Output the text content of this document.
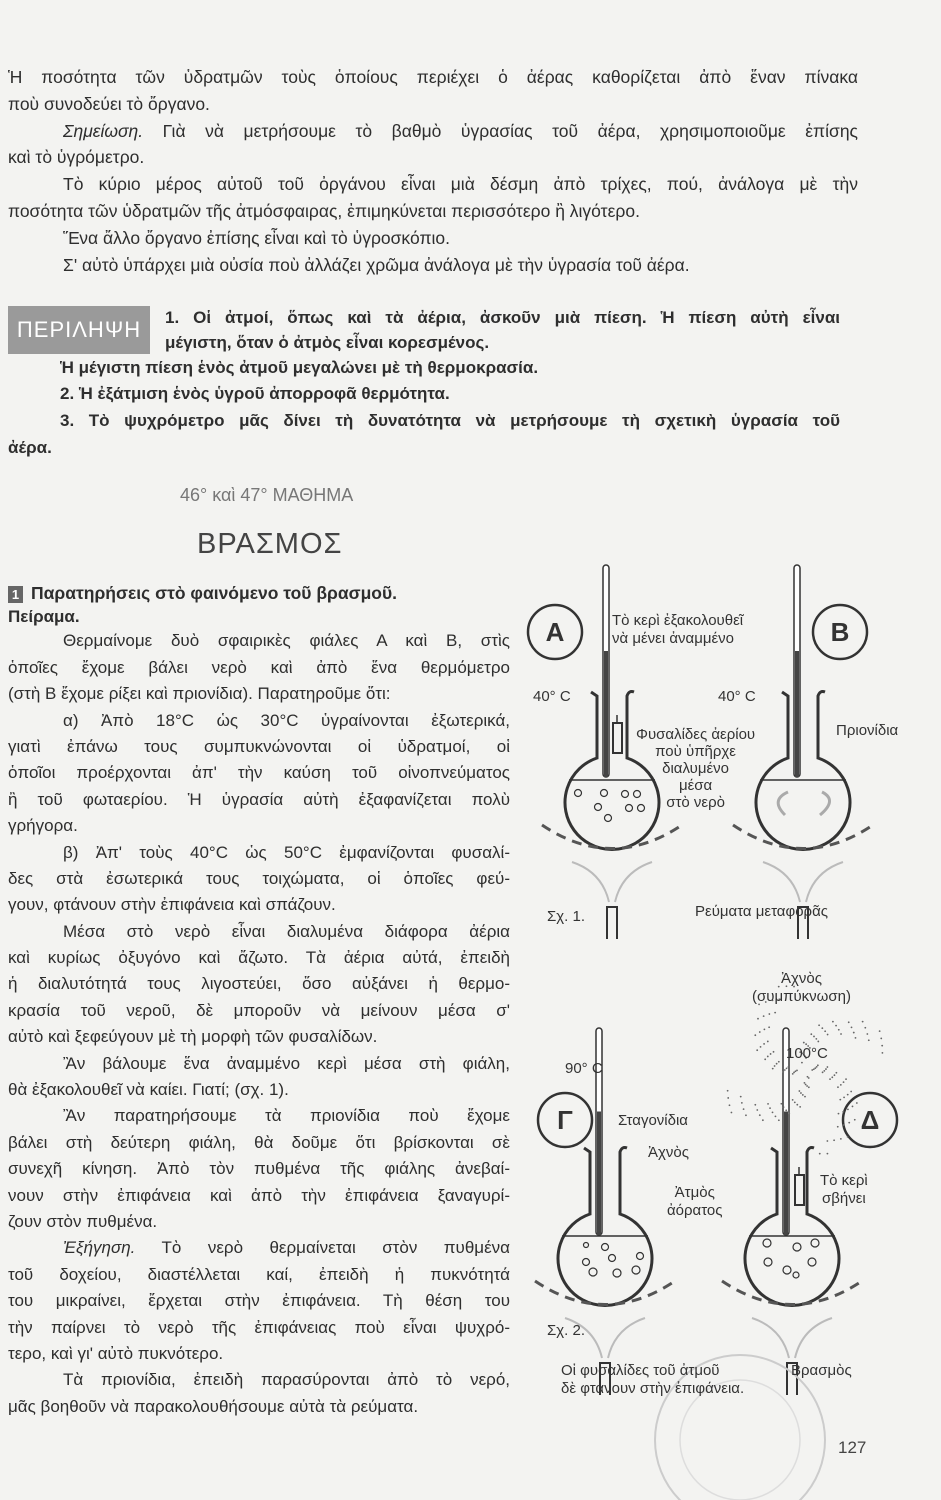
Ἡ ποσότητα τῶν ὑδρατμῶν τοὺς ὁποίους περιέχει ὁ ἀέρας καθορίζεται ἀπὸ ἕναν πίνακα
ποὺ συνοδεύει τὸ ὄργανο.
Σημείωση. Γιὰ νὰ μετρήσουμε τὸ βαθμὸ ὑγρασίας τοῦ ἀέρα, χρησιμοποιοῦμε ἐπίσης
καὶ τὸ ὑγρόμετρο.
Τὸ κύριο μέρος αὐτοῦ τοῦ ὀργάνου εἶναι μιὰ δέσμη ἀπὸ τρίχες, πού, ἀνάλογα μὲ τὴν
ποσότητα τῶν ὑδρατμῶν τῆς ἀτμόσφαιρας, ἐπιμηκύνεται περισσότερο ἢ λιγότερο.
Ἕνα ἄλλο ὄργανο ἐπίσης εἶναι καὶ τὸ ὑγροσκόπιο.
Σ' αὐτὸ ὑπάρχει μιὰ οὐσία ποὺ ἀλλάζει χρῶμα ἀνάλογα μὲ τὴν ὑγρασία τοῦ ἀέρα.
ΠΕΡΙΛΗΨΗ	1. Οἱ ἀτμοί, ὅπως καὶ τὰ ἀέρια, ἀσκοῦν μιὰ πίεση. Ἡ πίεση αὐτὴ εἶναι
μέγιστη, ὅταν ὁ ἀτμὸς εἶναι κορεσμένος.
Ἡ μέγιστη πίεση ἑνὸς ἀτμοῦ μεγαλώνει μὲ τὴ θερμοκρασία.
2. Ἡ ἐξάτμιση ἑνὸς ὑγροῦ ἀπορροφᾶ θερμότητα.
3. Τὸ ψυχρόμετρο μᾶς δίνει τὴ δυνατότητα νὰ μετρήσουμε τὴ σχετικὴ ὑγρασία τοῦ
ἀέρα.
46° καὶ 47° ΜΑΘΗΜΑ
ΒΡΑΣΜΟΣ
1 Παρατηρήσεις στὸ φαινόμενο τοῦ βρασμοῦ.
Πείραμα.
Θερμαίνομε δυὸ σφαιρικὲς φιάλες Α καὶ Β, στὶς
ὁποῖες ἔχομε βάλει νερὸ καὶ ἀπὸ ἕνα θερμόμετρο
(στὴ Β ἔχομε ρίξει καὶ πριονίδια). Παρατηροῦμε ὅτι:
α) Ἀπὸ 18°C ὡς 30°C ὑγραίνονται ἐξωτερικά,
γιατὶ ἐπάνω τους συμπυκνώνονται οἱ ὑδρατμοί, οἱ
ὁποῖοι προέρχονται ἀπ' τὴν καύση τοῦ οἰνοπνεύματος
ἢ τοῦ φωταερίου. Ἡ ὑγρασία αὐτὴ ἐξαφανίζεται πολὺ
γρήγορα.
β) Ἀπ' τοὺς 40°C ὡς 50°C ἐμφανίζονται φυσαλί-
δες στὰ ἐσωτερικά τους τοιχώματα, οἱ ὁποῖες φεύ-
γουν, φτάνουν στὴν ἐπιφάνεια καὶ σπάζουν.
Μέσα στὸ νερὸ εἶναι διαλυμένα διάφορα ἀέρια
καὶ κυρίως ὀξυγόνο καὶ ἄζωτο. Τὰ ἀέρια αὐτά, ἐπειδὴ
ἡ διαλυτότητά τους λιγοστεύει, ὅσο αὐξάνει ἡ θερμο-
κρασία τοῦ νεροῦ, δὲ μποροῦν νὰ μείνουν μέσα σ'
αὐτὸ καὶ ξεφεύγουν μὲ τὴ μορφὴ τῶν φυσαλίδων.
Ἂν βάλουμε ἕνα ἀναμμένο κερὶ μέσα στὴ φιάλη,
θὰ ἐξακολουθεῖ νὰ καίει. Γιατί; (σχ. 1).
Ἂν παρατηρήσουμε τὰ πριονίδια ποὺ ἔχομε
βάλει στὴ δεύτερη φιάλη, θὰ δοῦμε ὅτι βρίσκονται σὲ
συνεχῆ κίνηση. Ἀπὸ τὸν πυθμένα τῆς φιάλης ἀνεβαί-
νουν στὴν ἐπιφάνεια καὶ ἀπὸ τὴν ἐπιφάνεια ξαναγυρί-
ζουν στὸν πυθμένα.
Ἐξήγηση. Τὸ νερὸ θερμαίνεται στὸν πυθμένα
τοῦ δοχείου, διαστέλλεται καί, ἐπειδὴ ἡ πυκνότητά
του μικραίνει, ἔρχεται στὴν ἐπιφάνεια. Τὴ θέση του
τὴν παίρνει τὸ νερὸ τῆς ἐπιφάνειας ποὺ εἶναι ψυχρό-
τερο, καὶ γι' αὐτὸ πυκνότερο.
Τὰ πριονίδια, ἐπειδὴ παρασύρονται ἀπὸ τὸ νερό,
μᾶς βοηθοῦν νὰ παρακολουθήσουμε αὐτὰ τὰ ρεύματα.
A	B
Γ	Δ
Τὸ κερὶ ἐξακολουθεῖ
νὰ μένει ἀναμμένο
40° C	40° C
Φυσαλίδες ἀερίου
ποὺ ὑπῆρχε
διαλυμένο
μέσα
στὸ νερὸ
Πριονίδια
Ρεύματα μεταφορᾶς
Σχ. 1.
Ἀχνὸς
(συμπύκνωση)
90° C
100°C
Σταγονίδια
Ἀχνὸς
Ἀτμὸς
ἀόρατος
Τὸ κερὶ
σβήνει
Σχ. 2.
Οἱ φυσαλίδες τοῦ ἀτμοῦ
δὲ φτάνουν στὴν ἐπιφάνεια.
Βρασμὸς
127
